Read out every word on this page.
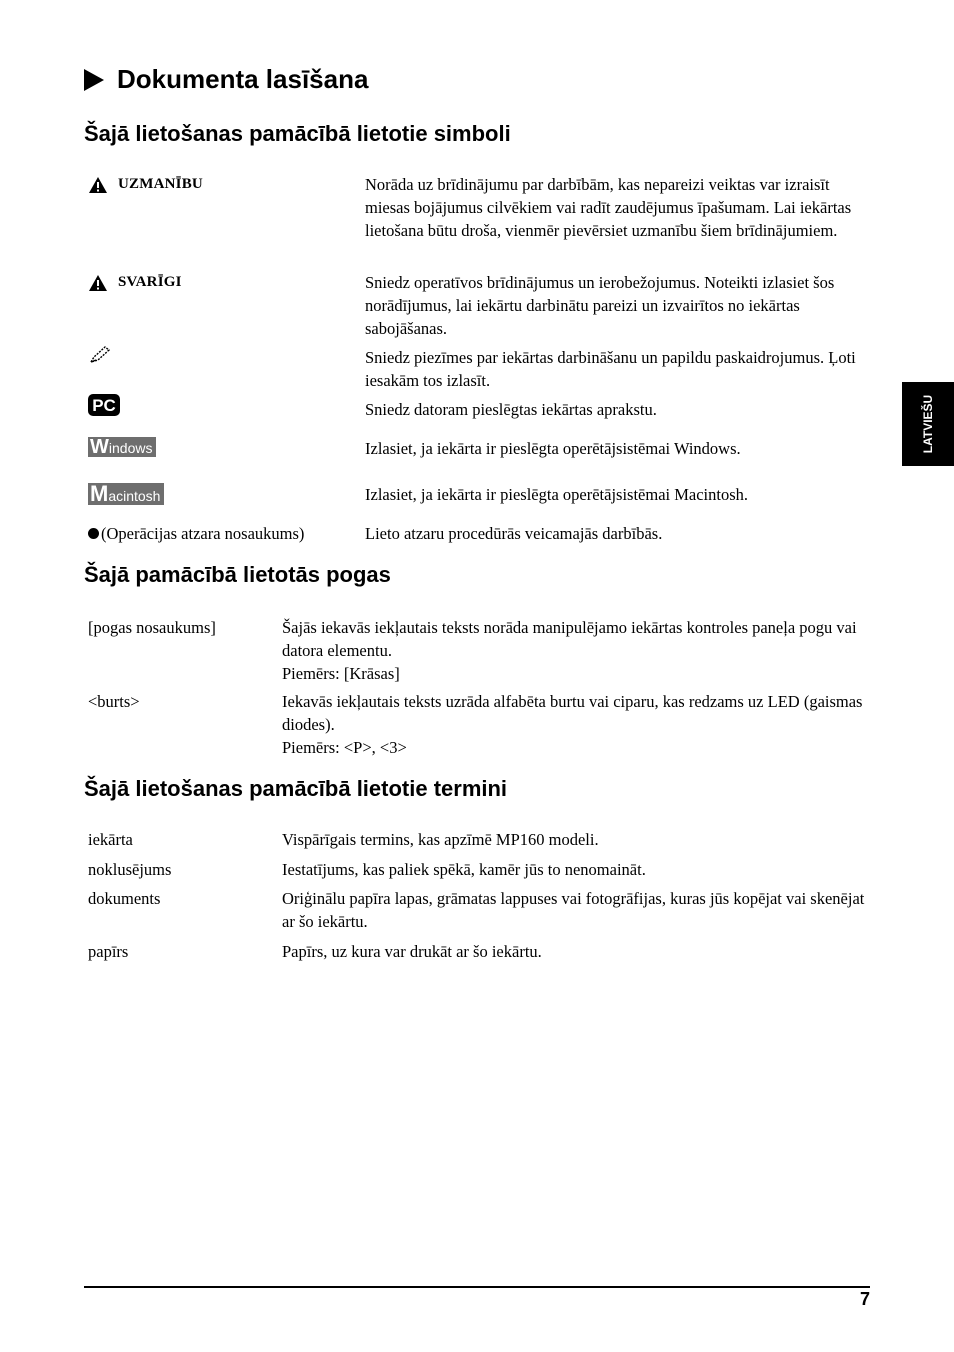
Dokumenta lasīšana
Šajā lietošanas pamācībā lietotie simboli
UZMANĪBU	Norāda uz brīdinājumu par darbībām, kas nepareizi veiktas var izraisīt miesas bojājumus cilvēkiem vai radīt zaudējumus īpašumam. Lai iekārtas lietošana būtu droša, vienmēr pievērsiet uzmanību šiem brīdinājumiem.
SVARĪGI	Sniedz operatīvos brīdinājumus un ierobežojumus. Noteikti izlasiet šos norādījumus, lai iekārtu darbinātu pareizi un izvairītos no iekārtas sabojāšanas.
Sniedz piezīmes par iekārtas darbināšanu un papildu paskaidrojumus. Ļoti iesakām tos izlasīt.
PC	Sniedz datoram pieslēgtas iekārtas aprakstu.
Windows	Izlasiet, ja iekārta ir pieslēgta operētājsistēmai Windows.
Macintosh	Izlasiet, ja iekārta ir pieslēgta operētājsistēmai Macintosh.
(Operācijas atzara nosaukums)	Lieto atzaru procedūrās veicamajās darbībās.
Šajā pamācībā lietotās pogas
[pogas nosaukums]	Šajās iekavās iekļautais teksts norāda manipulējamo iekārtas kontroles paneļa pogu vai datora elementu.
Piemērs: [Krāsas]
<burts>	Iekavās iekļautais teksts uzrāda alfabēta burtu vai ciparu, kas redzams uz LED (gaismas diodes).
Piemērs: <P>, <3>
Šajā lietošanas pamācībā lietotie termini
iekārta	Vispārīgais termins, kas apzīmē MP160 modeli.
noklusējums	Iestatījums, kas paliek spēkā, kamēr jūs to nenomaināt.
dokuments	Oriģinālu papīra lapas, grāmatas lappuses vai fotogrāfijas, kuras jūs kopējat vai skenējat ar šo iekārtu.
papīrs	Papīrs, uz kura var drukāt ar šo iekārtu.
LATVIEŠU
7
